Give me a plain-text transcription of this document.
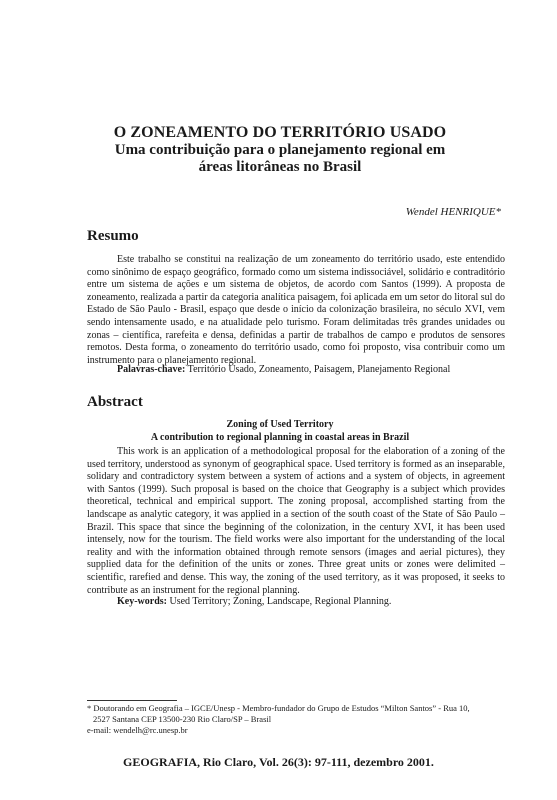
O ZONEAMENTO DO TERRITÓRIO USADO
Uma contribuição para o planejamento regional em
áreas litorâneas no Brasil
Wendel HENRIQUE*
Resumo

Este trabalho se constitui na realização de um zoneamento do território usado, este entendido como sinônimo de espaço geográfico, formado como um sistema indissociável, solidário e contraditório entre um sistema de ações e um sistema de objetos, de acordo com Santos (1999). A proposta de zoneamento, realizada a partir da categoria analítica paisagem, foi aplicada em um setor do litoral sul do Estado de São Paulo - Brasil, espaço que desde o início da colonização brasileira, no século XVI, vem sendo intensamente usado, e na atualidade pelo turismo. Foram delimitadas três grandes unidades ou zonas – científica, rarefeita e densa, definidas a partir de trabalhos de campo e produtos de sensores remotos. Desta forma, o zoneamento do território usado, como foi proposto, visa contribuir como um instrumento para o planejamento regional.

Palavras-chave: Território Usado, Zoneamento, Paisagem, Planejamento Regional
Abstract
Zoning of Used Territory
A contribution to regional planning in coastal areas in Brazil

This work is an application of a methodological proposal for the elaboration of a zoning of the used territory, understood as synonym of geographical space. Used territory is formed as an inseparable, solidary and contradictory system between a system of actions and a system of objects, in agreement with Santos (1999). Such proposal is based on the choice that Geography is a subject which provides theoretical, technical and empirical support. The zoning proposal, accomplished starting from the landscape as analytic category, it was applied in a section of the south coast of the State of São Paulo – Brazil. This space that since the beginning of the colonization, in the century XVI, it has been used intensely, now for the tourism. The field works were also important for the understanding of the local reality and with the information obtained through remote sensors (images and aerial pictures), they supplied data for the definition of the units or zones. Three great units or zones were delimited – scientific, rarefied and dense. This way, the zoning of the used territory, as it was proposed, it seeks to contribute as an instrument for the regional planning.

Key-words: Used Territory; Zoning, Landscape, Regional Planning.
* Doutorando em Geografia – IGCE/Unesp - Membro-fundador do Grupo de Estudos “Milton Santos” - Rua 10,
2527 Santana CEP 13500-230 Rio Claro/SP – Brasil
e-mail: wendelh@rc.unesp.br
GEOGRAFIA, Rio Claro, Vol. 26(3): 97-111, dezembro 2001.
